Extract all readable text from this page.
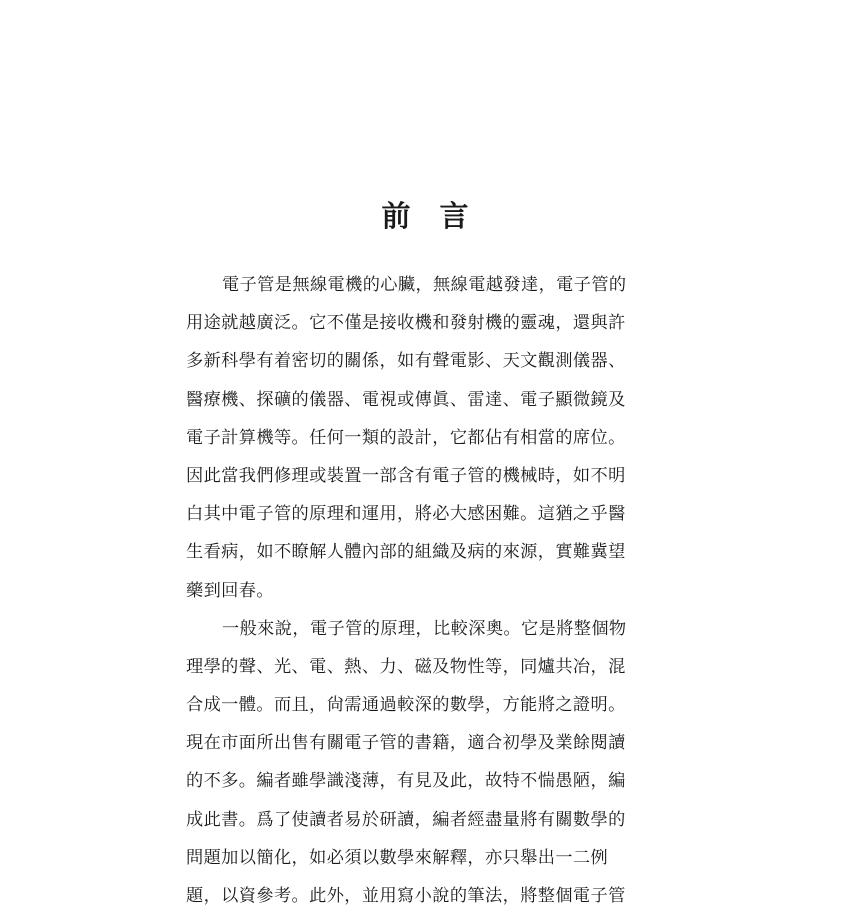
前　言
電子管是無線電機的心臟，無線電越發達，電子管的
用途就越廣泛。它不僅是接收機和發射機的靈魂，還與許
多新科學有着密切的關係，如有聲電影、天文觀測儀器、
醫療機、探礦的儀器、電視或傳眞、雷達、電子顯微鏡及
電子計算機等。任何一類的設計，它都佔有相當的席位。
因此當我們修理或裝置一部含有電子管的機械時，如不明
白其中電子管的原理和運用，將必大感困難。這猶之乎醫
生看病，如不瞭解人體內部的組織及病的來源，實難冀望
藥到回春。
一般來說，電子管的原理，比較深奧。它是將整個物
理學的聲、光、電、熱、力、磁及物性等，同爐共冶，混
合成一體。而且，尙需通過較深的數學，方能將之證明。
現在市面所出售有關電子管的書籍，適合初學及業餘閱讀
的不多。編者雖學識淺薄，有見及此，故特不惴愚陋，編
成此書。爲了使讀者易於研讀，編者經盡量將有關數學的
問題加以簡化，如必須以數學來解釋，亦只舉出一二例
題，以資參考。此外，並用寫小說的筆法，將整個電子管
